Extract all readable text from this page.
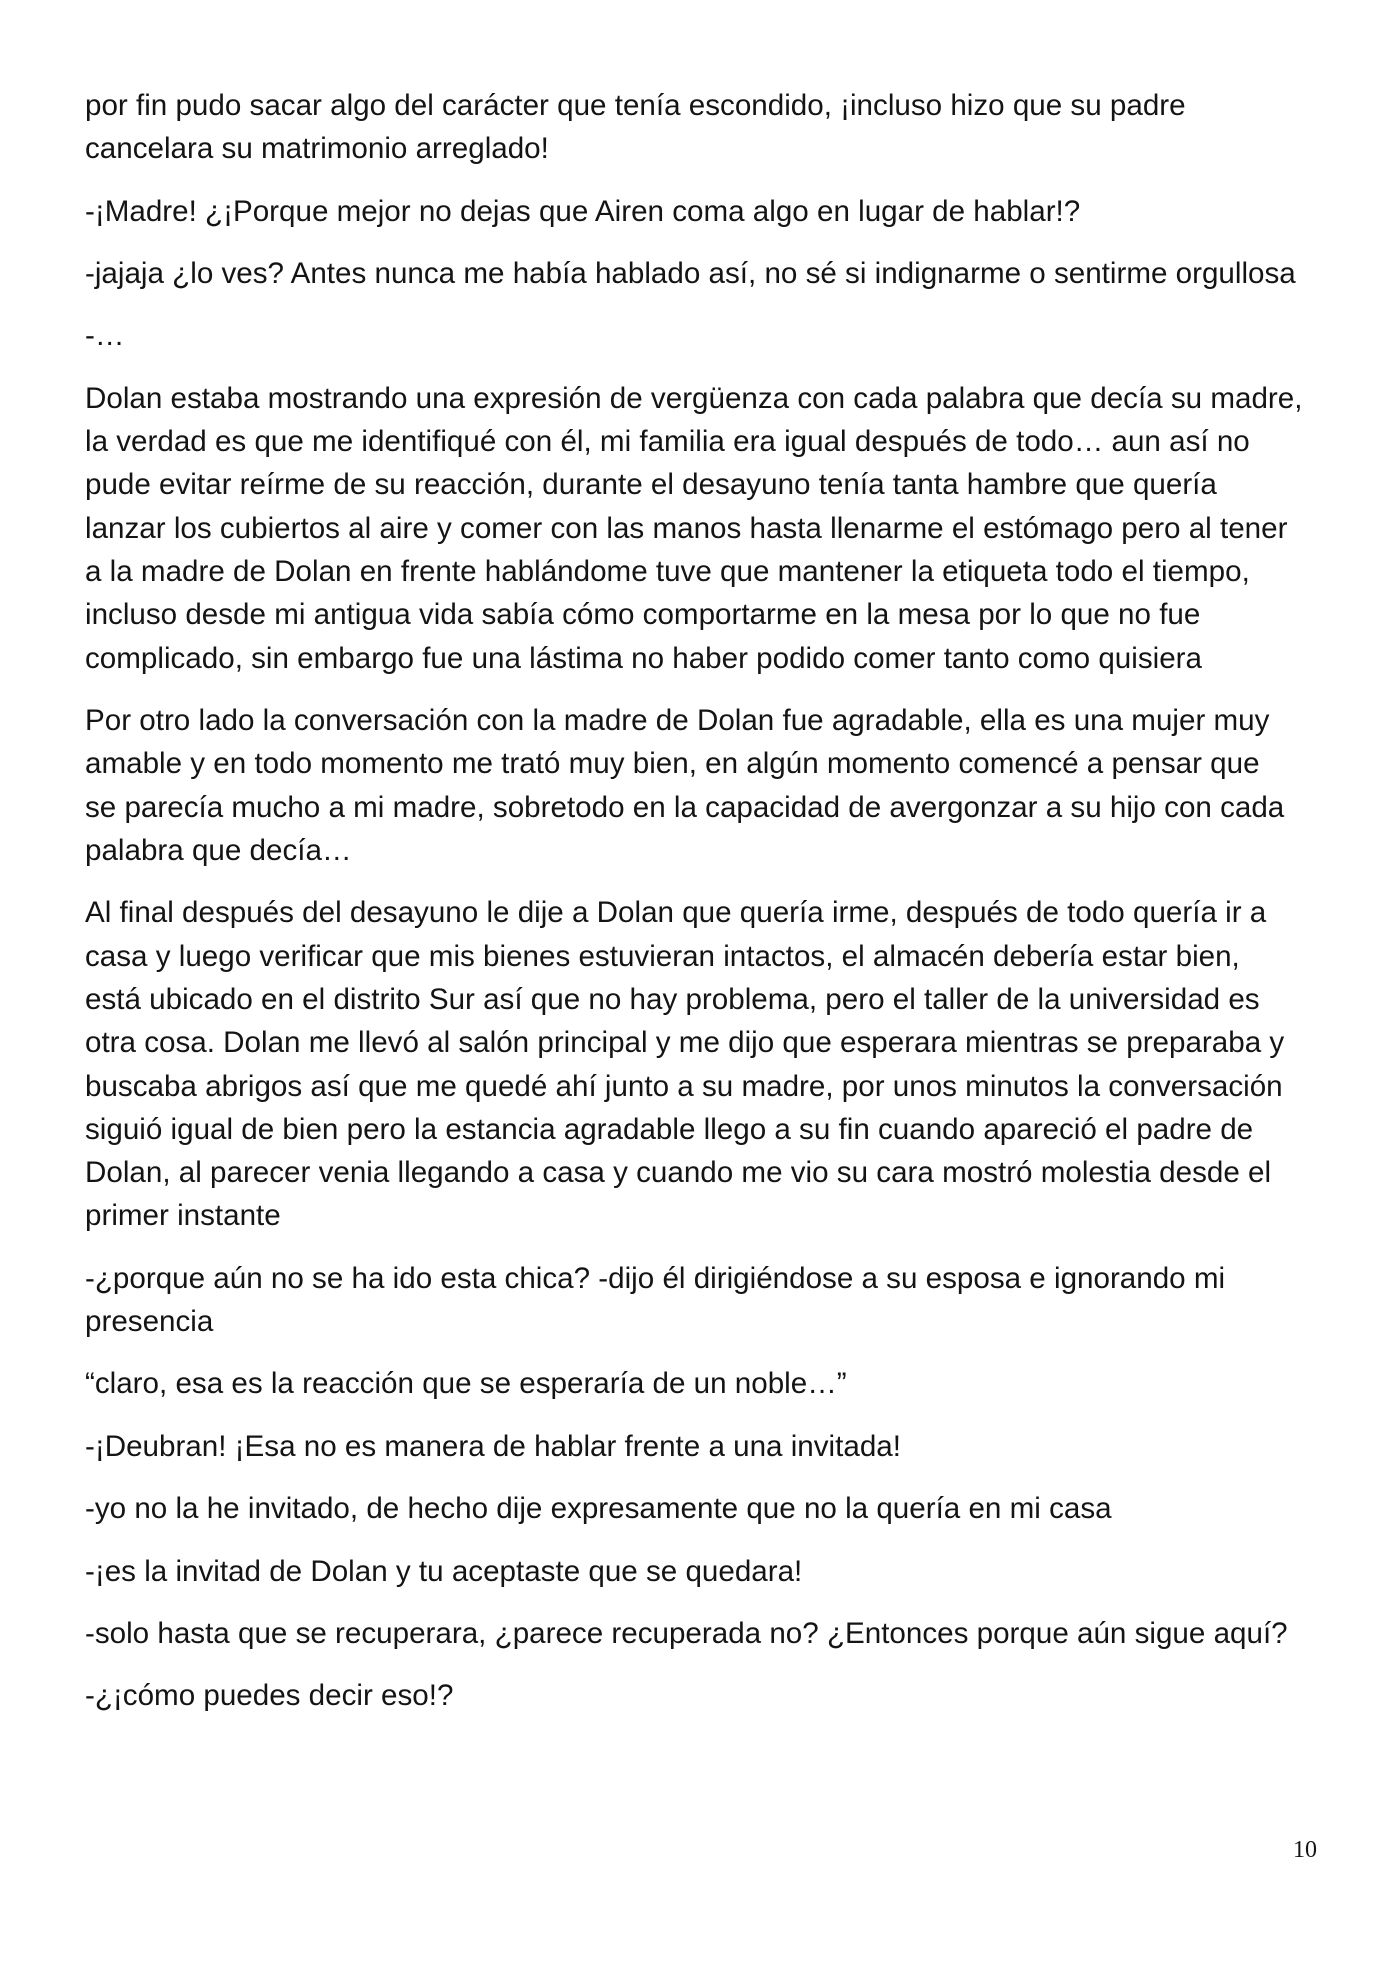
por fin pudo sacar algo del carácter que tenía escondido, ¡incluso hizo que su padre
cancelara su matrimonio arreglado!

-¡Madre! ¿¡Porque mejor no dejas que Airen coma algo en lugar de hablar!?

-jajaja ¿lo ves? Antes nunca me había hablado así, no sé si indignarme o sentirme orgullosa

-…

Dolan estaba mostrando una expresión de vergüenza con cada palabra que decía su madre,
la verdad es que me identifiqué con él, mi familia era igual después de todo… aun así no
pude evitar reírme de su reacción, durante el desayuno tenía tanta hambre que quería
lanzar los cubiertos al aire y comer con las manos hasta llenarme el estómago pero al tener
a la madre de Dolan en frente hablándome tuve que mantener la etiqueta todo el tiempo,
incluso desde mi antigua vida sabía cómo comportarme en la mesa por lo que no fue
complicado, sin embargo fue una lástima no haber podido comer tanto como quisiera

Por otro lado la conversación con la madre de Dolan fue agradable, ella es una mujer muy
amable y en todo momento me trató muy bien, en algún momento comencé a pensar que
se parecía mucho a mi madre, sobretodo en la capacidad de avergonzar a su hijo con cada
palabra que decía…

Al final después del desayuno le dije a Dolan que quería irme, después de todo quería ir a
casa y luego verificar que mis bienes estuvieran intactos, el almacén debería estar bien,
está ubicado en el distrito Sur así que no hay problema, pero el taller de la universidad es
otra cosa. Dolan me llevó al salón principal y me dijo que esperara mientras se preparaba y
buscaba abrigos así que me quedé ahí junto a su madre, por unos minutos la conversación
siguió igual de bien pero la estancia agradable llego a su fin cuando apareció el padre de
Dolan, al parecer venia llegando a casa y cuando me vio su cara mostró molestia desde el
primer instante

-¿porque aún no se ha ido esta chica? -dijo él dirigiéndose a su esposa e ignorando mi
presencia

“claro, esa es la reacción que se esperaría de un noble…”

-¡Deubran! ¡Esa no es manera de hablar frente a una invitada!

-yo no la he invitado, de hecho dije expresamente que no la quería en mi casa

-¡es la invitad de Dolan y tu aceptaste que se quedara!

-solo hasta que se recuperara, ¿parece recuperada no? ¿Entonces porque aún sigue aquí?

-¿¡cómo puedes decir eso!?

10
